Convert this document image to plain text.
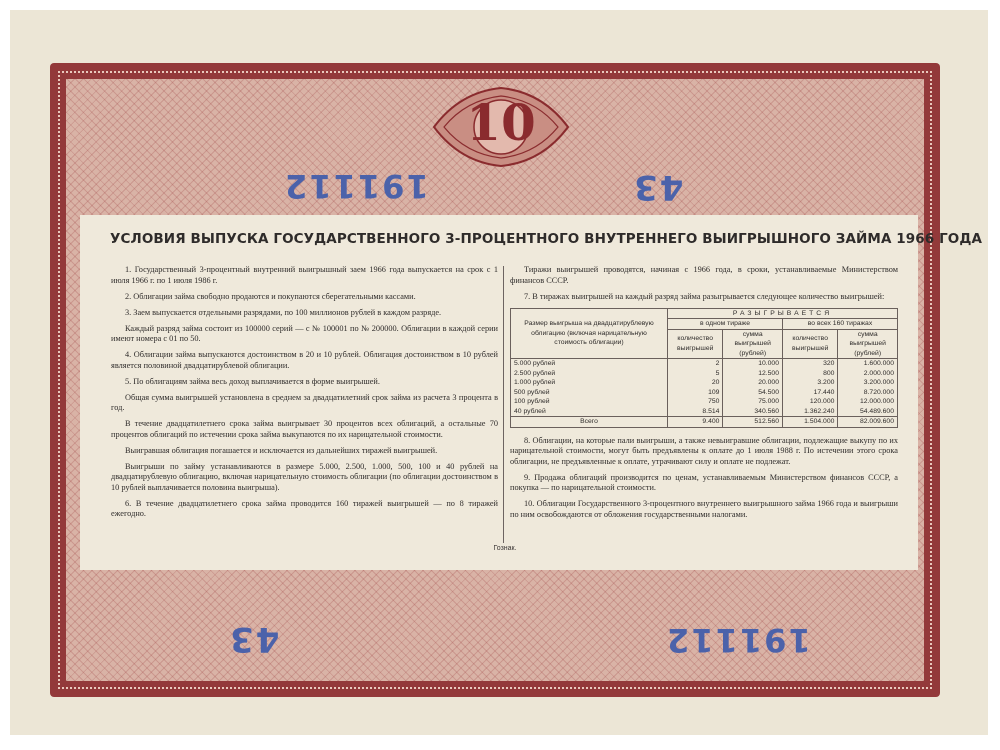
10
191112	43
43	191112
УСЛОВИЯ ВЫПУСКА ГОСУДАРСТВЕННОГО 3-ПРОЦЕНТНОГО ВНУТРЕННЕГО ВЫИГРЫШНОГО ЗАЙМА 1966 ГОДА

1. Государственный 3-процентный внутренний выигрышный заем 1966 года выпускается на срок с 1 июля 1966 г. по 1 июля 1986 г.

2. Облигации займа свободно продаются и покупаются сберегательными кассами.

3. Заем выпускается отдельными разрядами, по 100 миллионов рублей в каждом разряде.

Каждый разряд займа состоит из 100000 серий — с № 100001 по № 200000. Облигации в каждой серии имеют номера с 01 по 50.

4. Облигации займа выпускаются достоинством в 20 и 10 рублей. Облигация достоинством в 10 рублей является половиной двадцатирублевой облигации.

5. По облигациям займа весь доход выплачивается в форме выигрышей.

Общая сумма выигрышей установлена в среднем за двадцатилетний срок займа из расчета 3 процента в год.

В течение двадцатилетнего срока займа выигрывает 30 процентов всех облигаций, а остальные 70 процентов облигаций по истечении срока займа выкупаются по их нарицательной стоимости.

Выигравшая облигация погашается и исключается из дальнейших тиражей выигрышей.

Выигрыши по займу устанавливаются в размере 5.000, 2.500, 1.000, 500, 100 и 40 рублей на двадцатирублевую облигацию, включая нарицательную стоимость облигации (по облигации достоинством в 10 рублей выплачивается половина выигрыша).

6. В течение двадцатилетнего срока займа проводится 160 тиражей выигрышей — по 8 тиражей ежегодно.

Тиражи выигрышей проводятся, начиная с 1966 года, в сроки, устанавливаемые Министерством финансов СССР.

7. В тиражах выигрышей на каждый разряд займа разыгрывается следующее количество выигрышей:

Размер выигрыша на двадцатирублевую облигацию (включая нарицательную стоимость облигации)	РАЗЫГРЫВАЕТСЯ			
	в одном тираже		во всех 160 тиражах	
	количество выигрышей	сумма выигрышей (рублей)	количество выигрышей	сумма выигрышей (рублей)
5.000 рублей	2	10.000	320	1.600.000
2.500 рублей	5	12.500	800	2.000.000
1.000 рублей	20	20.000	3.200	3.200.000
500 рублей	109	54.500	17.440	8.720.000
100 рублей	750	75.000	120.000	12.000.000
40 рублей	8.514	340.560	1.362.240	54.489.600
Всего	9.400	512.560	1.504.000	82.009.600

8. Облигации, на которые пали выигрыши, а также невыигравшие облигации, подлежащие выкупу по их нарицательной стоимости, могут быть предъявлены к оплате до 1 июля 1988 г. По истечении этого срока облигации, не предъявленные к оплате, утрачивают силу и оплате не подлежат.

9. Продажа облигаций производится по ценам, устанавливаемым Министерством финансов СССР, а покупка — по нарицательной стоимости.

10. Облигации Государственного 3-процентного внутреннего выигрышного займа 1966 года и выигрыши по ним освобождаются от обложения государственными налогами.

Гознак.
